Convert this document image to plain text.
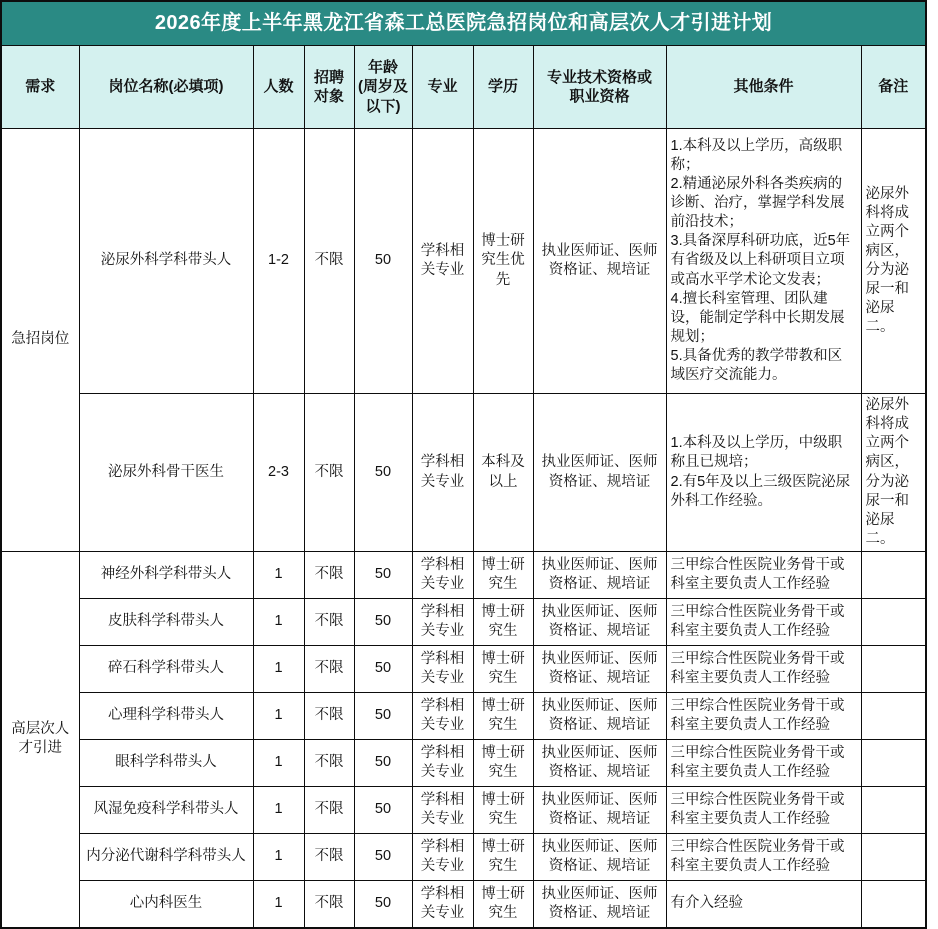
2026年度上半年黑龙江省森工总医院急招岗位和高层次人才引进计划									
需求	岗位名称(必填项)	人数	招聘
对象	年龄
(周岁及
以下)	专业	学历	专业技术资格或
职业资格	其他条件	备注
急招岗位	泌尿外科学科带头人	1-2	不限	50	学科相
关专业	博士研
究生优
先	执业医师证、医师
资格证、规培证	1.本科及以上学历，高级职称；
2.精通泌尿外科各类疾病的诊断、治疗，掌握学科发展前沿技术；
3.具备深厚科研功底，近5年有省级及以上科研项目立项或高水平学术论文发表；
4.擅长科室管理、团队建设，能制定学科中长期发展规划；
5.具备优秀的教学带教和区域医疗交流能力。	泌尿外科将成立两个病区，分为泌尿一和泌尿二。
	泌尿外科骨干医生	2-3	不限	50	学科相
关专业	本科及
以上	执业医师证、医师
资格证、规培证	1.本科及以上学历，中级职称且已规培；
2.有5年及以上三级医院泌尿外科工作经验。	泌尿外科将成立两个病区，分为泌尿一和泌尿二。

高层次人
才引进	神经外科学科带头人	1	不限	50	学科相
关专业	博士研
究生	执业医师证、医师
资格证、规培证	三甲综合性医院业务骨干或科室主要负责人工作经验	
	皮肤科学科带头人	1	不限	50	学科相
关专业	博士研
究生	执业医师证、医师
资格证、规培证	三甲综合性医院业务骨干或科室主要负责人工作经验	
	碎石科学科带头人	1	不限	50	学科相
关专业	博士研
究生	执业医师证、医师
资格证、规培证	三甲综合性医院业务骨干或科室主要负责人工作经验	
	心理科学科带头人	1	不限	50	学科相
关专业	博士研
究生	执业医师证、医师
资格证、规培证	三甲综合性医院业务骨干或科室主要负责人工作经验	
	眼科学科带头人	1	不限	50	学科相
关专业	博士研
究生	执业医师证、医师
资格证、规培证	三甲综合性医院业务骨干或科室主要负责人工作经验	
	风湿免疫科学科带头人	1	不限	50	学科相
关专业	博士研
究生	执业医师证、医师
资格证、规培证	三甲综合性医院业务骨干或科室主要负责人工作经验	
	内分泌代谢科学科带头人	1	不限	50	学科相
关专业	博士研
究生	执业医师证、医师
资格证、规培证	三甲综合性医院业务骨干或科室主要负责人工作经验	
	心内科医生	1	不限	50	学科相
关专业	博士研
究生	执业医师证、医师
资格证、规培证	有介入经验	
